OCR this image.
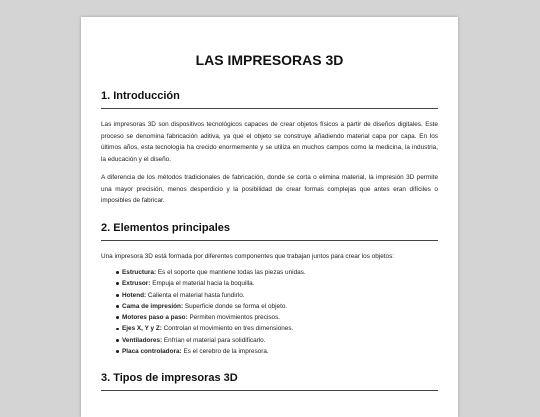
LAS IMPRESORAS 3D
1. Introducción

Las impresoras 3D son dispositivos tecnológicos capaces de crear objetos físicos a partir de diseños digitales. Este proceso se denomina fabricación aditiva, ya que el objeto se construye añadiendo material capa por capa. En los últimos años, esta tecnología ha crecido enormemente y se utiliza en muchos campos como la medicina, la industria, la educación y el diseño.

A diferencia de los métodos tradicionales de fabricación, donde se corta o elimina material, la impresión 3D permite una mayor precisión, menos desperdicio y la posibilidad de crear formas complejas que antes eran difíciles o imposibles de fabricar.

2. Elementos principales

Una impresora 3D está formada por diferentes componentes que trabajan juntos para crear los objetos:

Estructura: Es el soporte que mantiene todas las piezas unidas.
Extrusor: Empuja el material hacia la boquilla.
Hotend: Calienta el material hasta fundirlo.
Cama de impresión: Superficie donde se forma el objeto.
Motores paso a paso: Permiten movimientos precisos.
Ejes X, Y y Z: Controlan el movimiento en tres dimensiones.
Ventiladores: Enfrían el material para solidificarlo.
Placa controladora: Es el cerebro de la impresora.
3. Tipos de impresoras 3D
